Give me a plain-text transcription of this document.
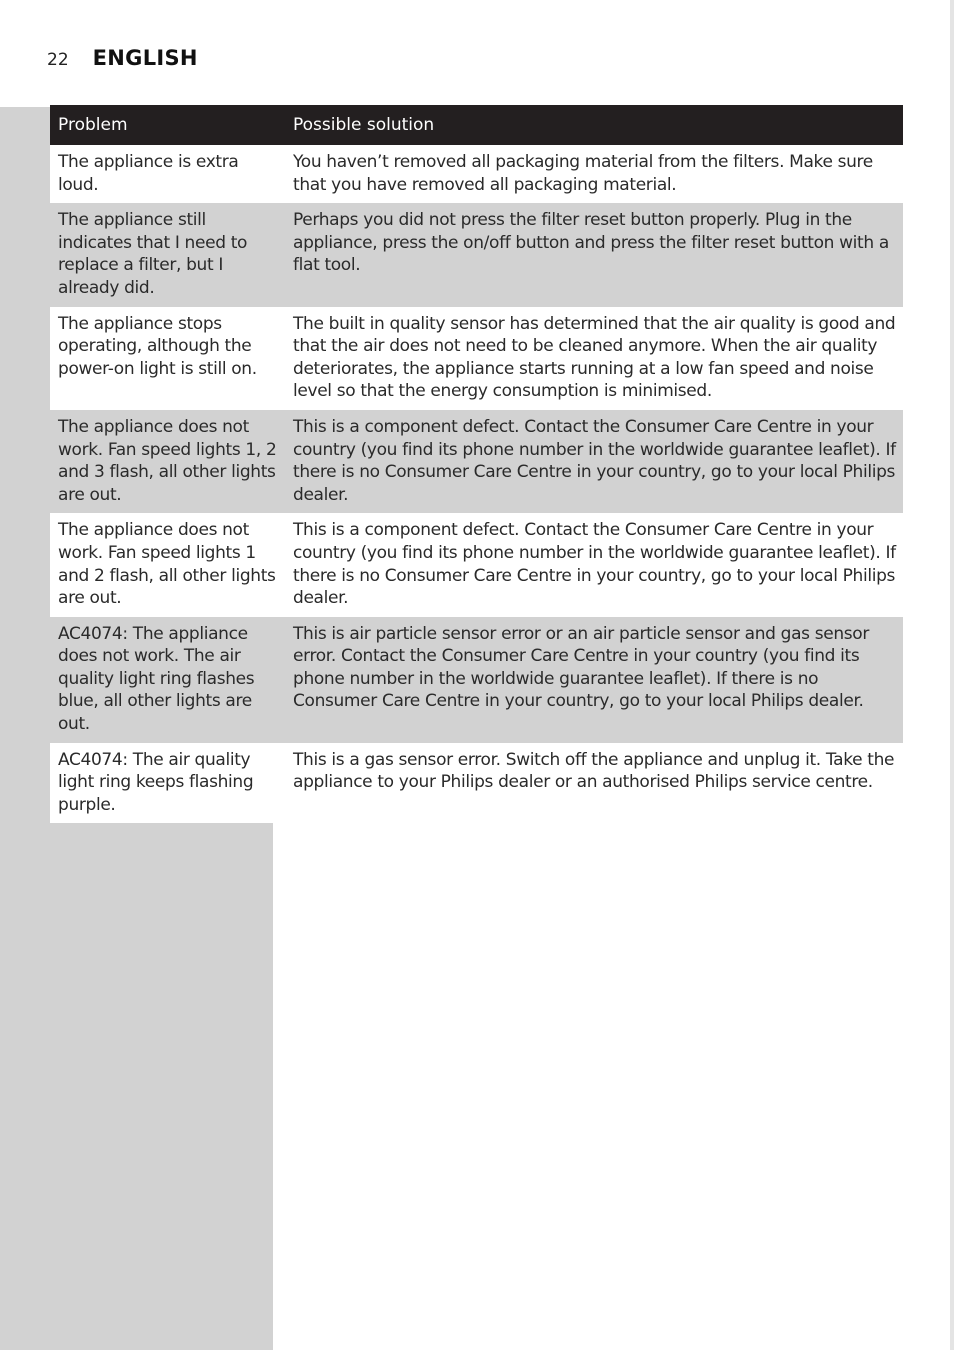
22 ENGLISH
Problem	Possible solution
The appliance is extra loud.	You haven’t removed all packaging material from the filters. Make sure that you have removed all packaging material.
The appliance still indicates that I need to replace a filter, but I already did.	Perhaps you did not press the filter reset button properly. Plug in the appliance, press the on/off button and press the filter reset button with a flat tool.
The appliance stops operating, although the power-on light is still on.	The built in quality sensor has determined that the air quality is good and that the air does not need to be cleaned anymore. When the air quality deteriorates, the appliance starts running at a low fan speed and noise level so that the energy consumption is minimised.
The appliance does not work. Fan speed lights 1, 2 and 3 flash, all other lights are out.	This is a component defect. Contact the Consumer Care Centre in your country (you find its phone number in the worldwide guarantee leaflet). If there is no Consumer Care Centre in your country, go to your local Philips dealer.
The appliance does not work. Fan speed lights 1 and 2 flash, all other lights are out.	This is a component defect. Contact the Consumer Care Centre in your country (you find its phone number in the worldwide guarantee leaflet). If there is no Consumer Care Centre in your country, go to your local Philips dealer.
AC4074: The appliance does not work. The air quality light ring flashes blue, all other lights are out.	This is air particle sensor error or an air particle sensor and gas sensor error. Contact the Consumer Care Centre in your country (you find its phone number in the worldwide guarantee leaflet). If there is no Consumer Care Centre in your country, go to your local Philips dealer.
AC4074: The air quality light ring keeps flashing purple.	This is a gas sensor error. Switch off the appliance and unplug it. Take the appliance to your Philips dealer or an authorised Philips service centre.
